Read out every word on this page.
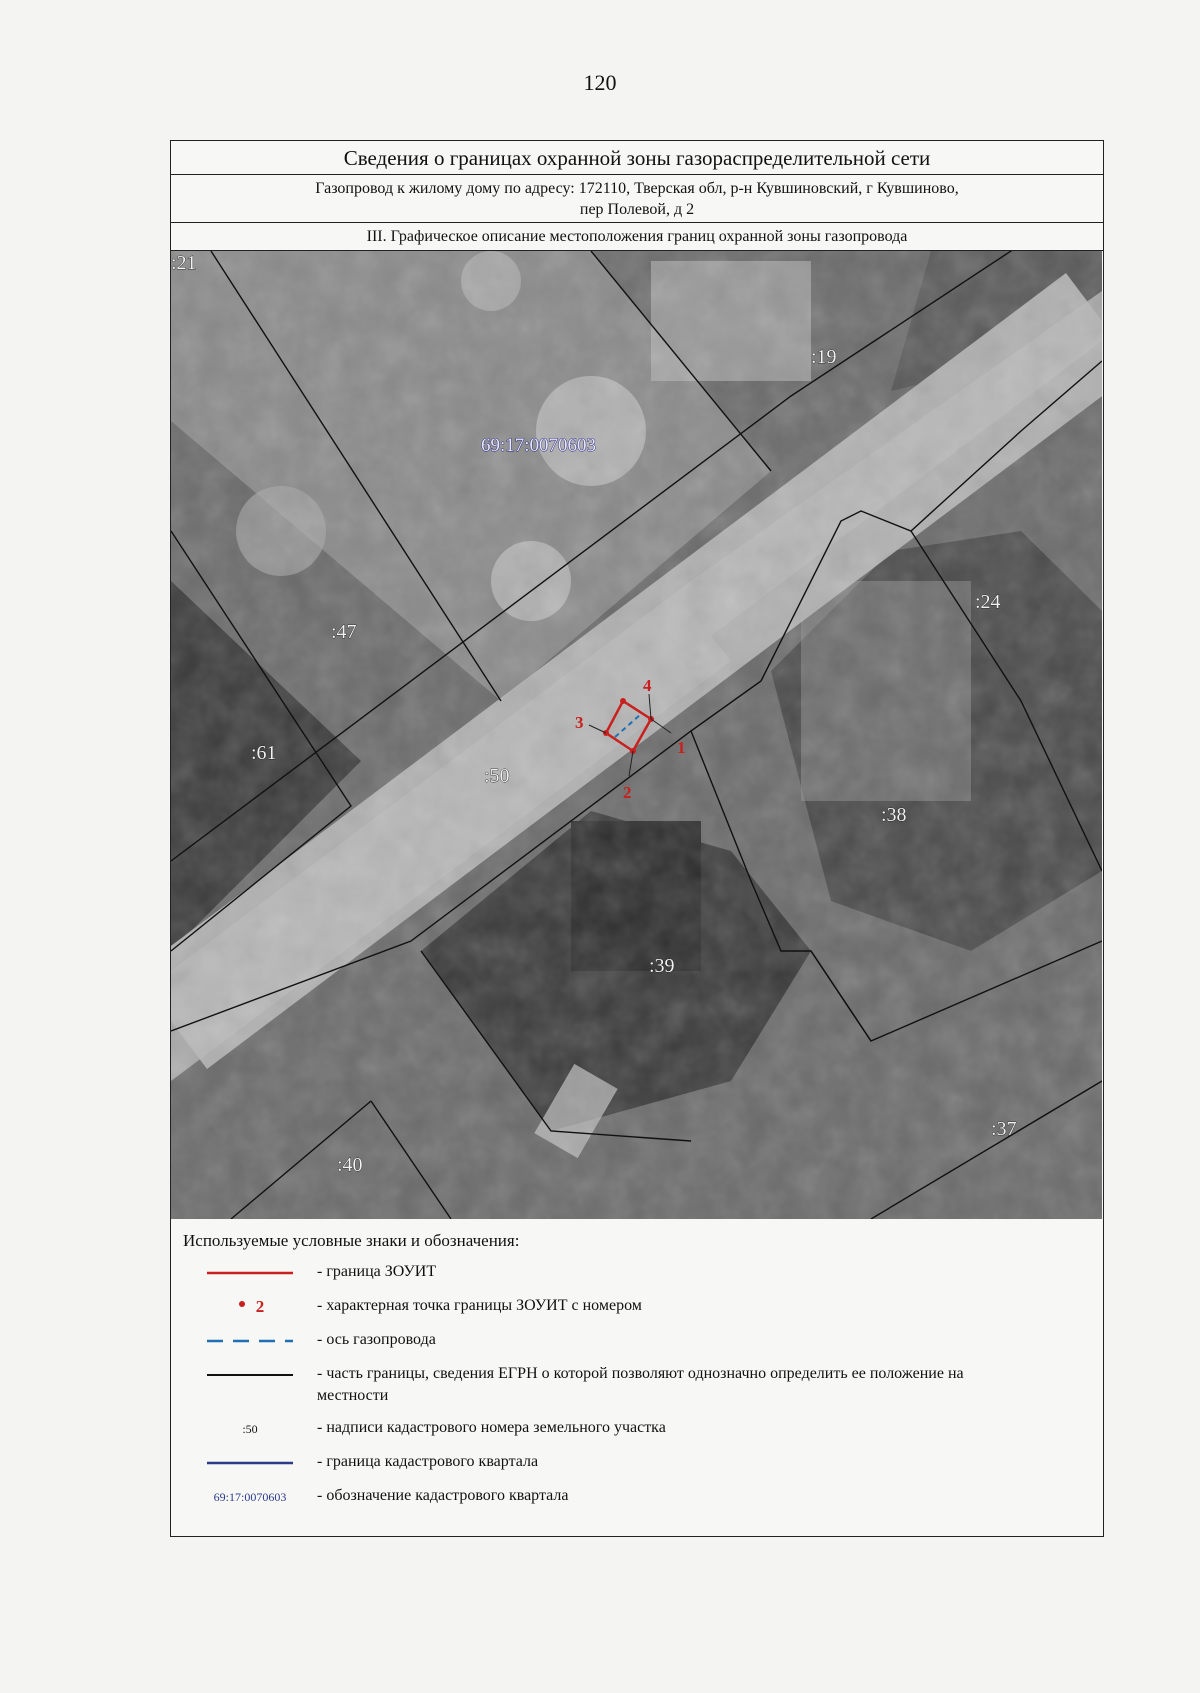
120
Сведения о границах охранной зоны газораспределительной сети
Газопровод к жилому дому по адресу: 172110, Тверская обл, р-н Кувшиновский, г Кувшиново,
пер Полевой, д 2
III. Графическое описание местоположения границ охранной зоны газопровода
1
2
3
4
:21
:19
69:17:0070603
:47
:61
:50
:24
:38
:39
:40
:37
Используемые условные знаки и обозначения:
- граница ЗОУИТ
2	- характерная точка границы ЗОУИТ с номером
- ось газопровода
- часть границы, сведения ЕГРН о которой позволяют однозначно определить ее положение на местности
:50	- надписи кадастрового номера земельного участка
- граница кадастрового квартала
69:17:0070603	- обозначение кадастрового квартала
